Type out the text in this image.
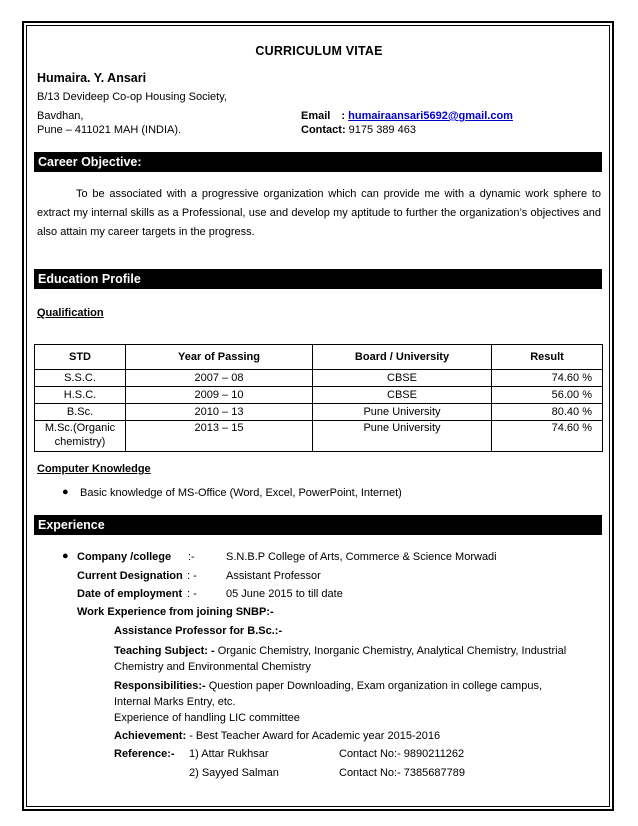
CURRICULUM VITAE
Humaira. Y. Ansari
B/13 Devideep Co-op Housing Society,
Bavdhan,
Pune – 411021 MAH (INDIA).
Email : humairaansari5692@gmail.com
Contact: 9175 389 463
Career Objective:
To be associated with a progressive organization which can provide me with a dynamic work sphere to extract my internal skills as a Professional, use and develop my aptitude to further the organization’s objectives and also attain my career targets in the progress.
Education Profile
Qualification
STD	Year of Passing	Board / University	Result
S.S.C.	2007 – 08	CBSE	74.60 %
H.S.C.	2009 – 10	CBSE	56.00 %
B.Sc.	2010 – 13	Pune University	80.40 %
M.Sc.(Organic chemistry)	2013 – 15	Pune University	74.60 %
Computer Knowledge
● Basic knowledge of MS-Office (Word, Excel, PowerPoint, Internet)
Experience
● Company /college :-	S.N.B.P College of Arts, Commerce & Science Morwadi
Current Designation : -	Assistant Professor
Date of employment : -	05 June 2015 to till date
Work Experience from joining SNBP:-
Assistance Professor for B.Sc.:-
Teaching Subject: - Organic Chemistry, Inorganic Chemistry, Analytical Chemistry, Industrial Chemistry and Environmental Chemistry
Responsibilities:- Question paper Downloading, Exam organization in college campus, Internal Marks Entry, etc.
Experience of handling LIC committee
Achievement: - Best Teacher Award for Academic year 2015-2016
Reference:- 1) Attar Rukhsar	Contact No:- 9890211262
2) Sayyed Salman	Contact No:- 7385687789
